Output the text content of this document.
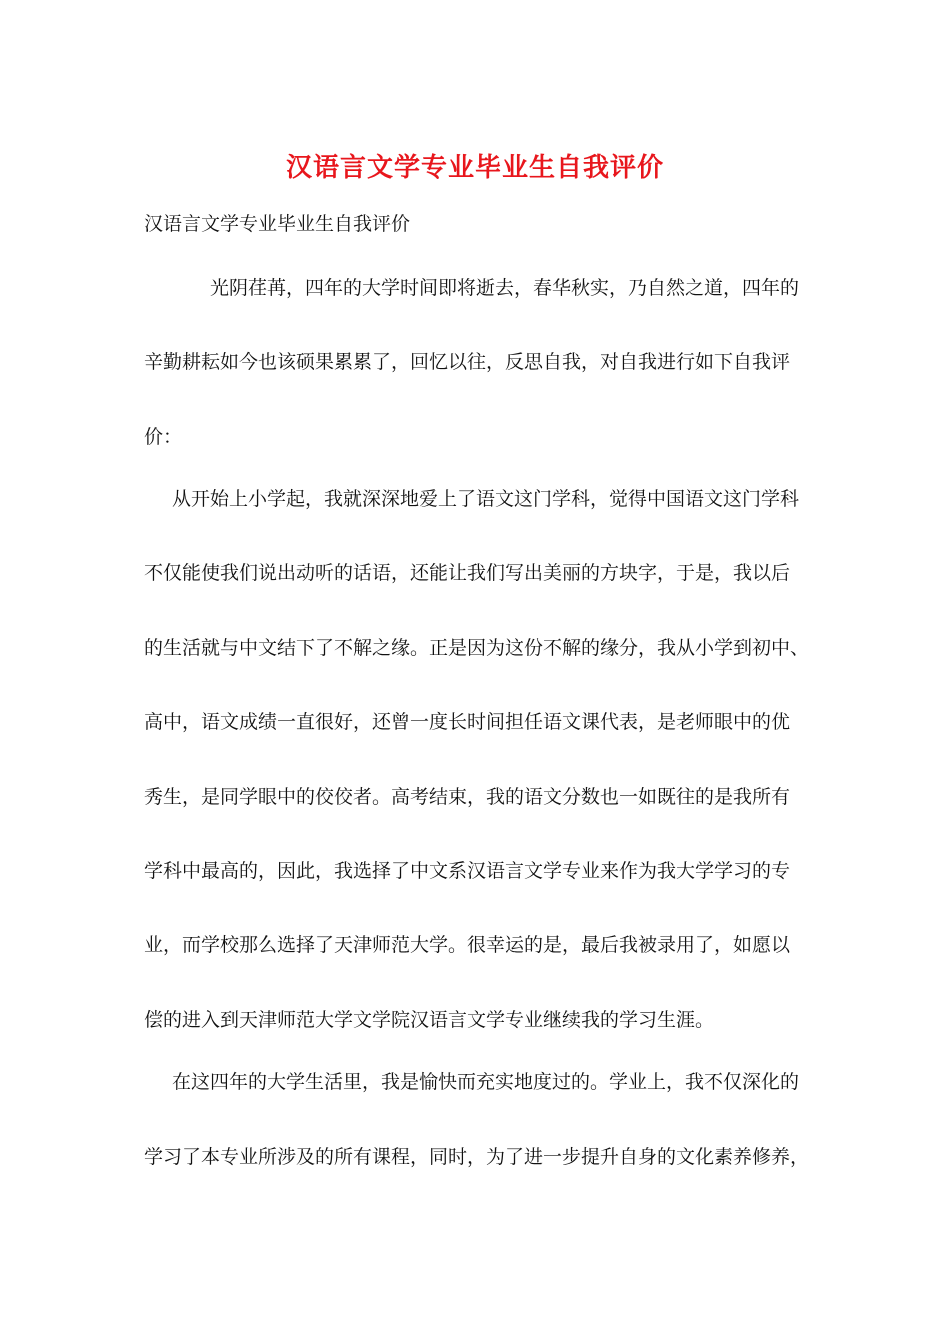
汉语言文学专业毕业生自我评价
汉语言文学专业毕业生自我评价
光阴荏苒，四年的大学时间即将逝去，春华秋实，乃自然之道，四年的
辛勤耕耘如今也该硕果累累了，回忆以往，反思自我，对自我进行如下自我评
价：
从开始上小学起，我就深深地爱上了语文这门学科，觉得中国语文这门学科
不仅能使我们说出动听的话语，还能让我们写出美丽的方块字，于是，我以后
的生活就与中文结下了不解之缘。正是因为这份不解的缘分，我从小学到初中、
高中，语文成绩一直很好，还曾一度长时间担任语文课代表，是老师眼中的优
秀生，是同学眼中的佼佼者。高考结束，我的语文分数也一如既往的是我所有
学科中最高的，因此，我选择了中文系汉语言文学专业来作为我大学学习的专
业，而学校那么选择了天津师范大学。很幸运的是，最后我被录用了，如愿以
偿的进入到天津师范大学文学院汉语言文学专业继续我的学习生涯。
在这四年的大学生活里，我是愉快而充实地度过的。学业上，我不仅深化的
学习了本专业所涉及的所有课程，同时，为了进一步提升自身的文化素养修养，
